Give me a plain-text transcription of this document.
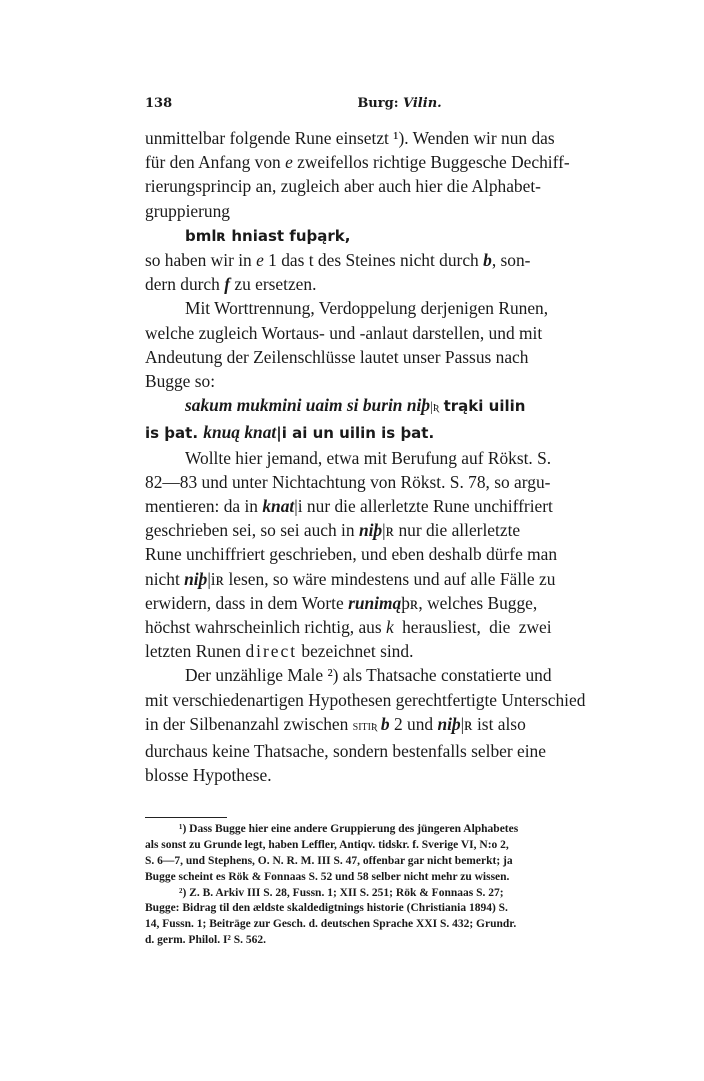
138	Burg: Vilin.

unmittelbar folgende Rune einsetzt ¹). Wenden wir nun das
für den Anfang von e zweifellos richtige Buggesche Dechiff-
rierungsprincip an, zugleich aber auch hier die Alphabet-
gruppierung

bmlʀ hniast fuþąrk,

so haben wir in e 1 das t des Steines nicht durch b, son-
dern durch f zu ersetzen.

Mit Worttrennung, Verdoppelung derjenigen Runen,
welche zugleich Wortaus- und -anlaut darstellen, und mit
Andeutung der Zeilenschlüsse lautet unser Passus nach
Bugge so:

sakum mukmini uaim si burin niþ|ʀ trąki uilin
is þat. knuą knat|i ai un uilin is þat.

Wollte hier jemand, etwa mit Berufung auf Rökst. S.
82—83 und unter Nichtachtung von Rökst. S. 78, so argu-
mentieren: da in knat|i nur die allerletzte Rune unchiffriert
geschrieben sei, so sei auch in niþ|ʀ nur die allerletzte
Rune unchiffriert geschrieben, und eben deshalb dürfe man
nicht niþ|iʀ lesen, so wäre mindestens und auf alle Fälle zu
erwidern, dass in dem Worte runimąþʀ, welches Bugge,
höchst wahrscheinlich richtig, aus k herausliest, die zwei
letzten Runen direct bezeichnet sind.

Der unzählige Male ²) als Thatsache constatierte und
mit verschiedenartigen Hypothesen gerechtfertigte Unterschied
in der Silbenanzahl zwischen sitiʀ b 2 und niþ|ʀ ist also
durchaus keine Thatsache, sondern bestenfalls selber eine
blosse Hypothese.

¹) Dass Bugge hier eine andere Gruppierung des jüngeren Alphabetes
als sonst zu Grunde legt, haben Leffler, Antiqv. tidskr. f. Sverige VI, N:o 2,
S. 6—7, und Stephens, O. N. R. M. III S. 47, offenbar gar nicht bemerkt; ja
Bugge scheint es Rök & Fonnaas S. 52 und 58 selber nicht mehr zu wissen.

²) Z. B. Arkiv III S. 28, Fussn. 1; XII S. 251; Rök & Fonnaas S. 27;
Bugge: Bidrag til den ældste skaldedigtnings historie (Christiania 1894) S.
14, Fussn. 1; Beiträge zur Gesch. d. deutschen Sprache XXI S. 432; Grundr.
d. germ. Philol. I² S. 562.
